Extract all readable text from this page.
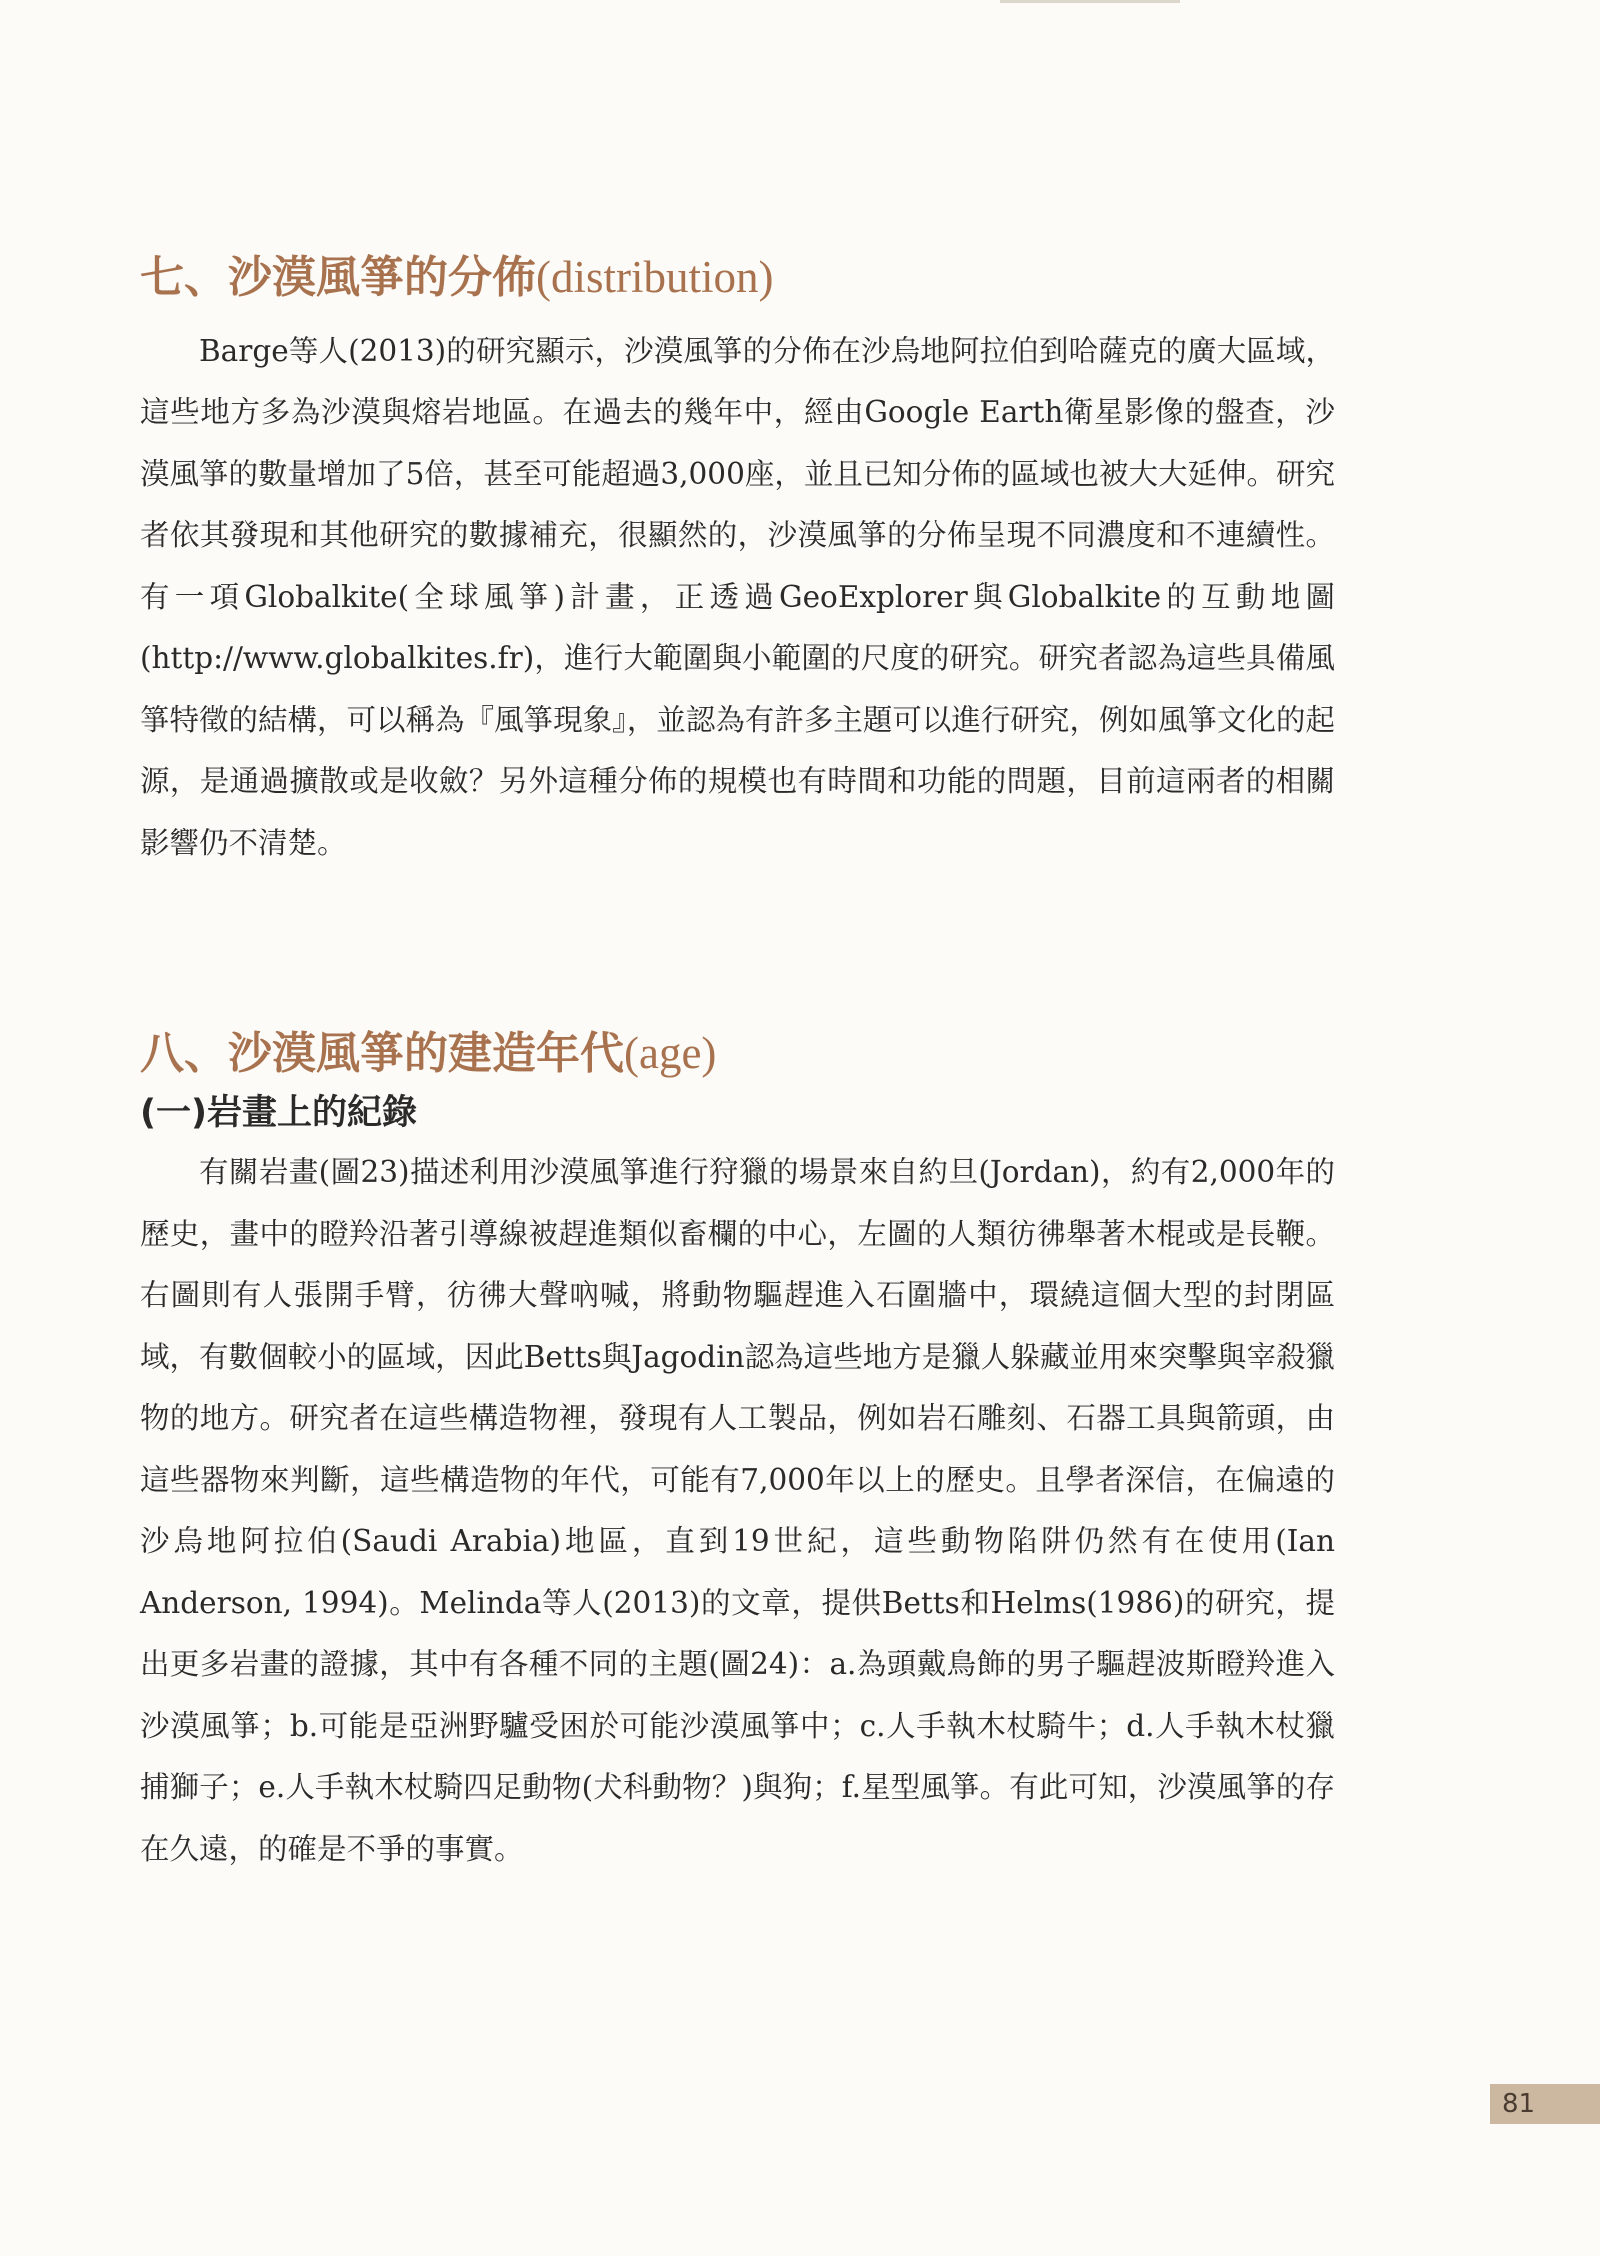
七、沙漠風箏的分佈(distribution)

Barge等人(2013)的研究顯示，沙漠風箏的分佈在沙烏地阿拉伯到哈薩克的廣大區域，這些地方多為沙漠與熔岩地區。在過去的幾年中，經由Google Earth衛星影像的盤查，沙漠風箏的數量增加了5倍，甚至可能超過3,000座，並且已知分佈的區域也被大大延伸。研究者依其發現和其他研究的數據補充，很顯然的，沙漠風箏的分佈呈現不同濃度和不連續性。有一項Globalkite(全球風箏)計畫，正透過GeoExplorer與Globalkite的互動地圖(http://www.globalkites.fr)，進行大範圍與小範圍的尺度的研究。研究者認為這些具備風箏特徵的結構，可以稱為『風箏現象』，並認為有許多主題可以進行研究，例如風箏文化的起源，是通過擴散或是收斂？另外這種分佈的規模也有時間和功能的問題，目前這兩者的相關影響仍不清楚。

八、沙漠風箏的建造年代(age)
(一)岩畫上的紀錄

有關岩畫(圖23)描述利用沙漠風箏進行狩獵的場景來自約旦(Jordan)，約有2,000年的歷史，畫中的瞪羚沿著引導線被趕進類似畜欄的中心，左圖的人類彷彿舉著木棍或是長鞭。右圖則有人張開手臂，彷彿大聲吶喊，將動物驅趕進入石圍牆中，環繞這個大型的封閉區域，有數個較小的區域，因此Betts與Jagodin認為這些地方是獵人躲藏並用來突擊與宰殺獵物的地方。研究者在這些構造物裡，發現有人工製品，例如岩石雕刻、石器工具與箭頭，由這些器物來判斷，這些構造物的年代，可能有7,000年以上的歷史。且學者深信，在偏遠的沙烏地阿拉伯(Saudi Arabia)地區，直到19世紀，這些動物陷阱仍然有在使用(Ian Anderson, 1994)。Melinda等人(2013)的文章，提供Betts和Helms(1986)的研究，提出更多岩畫的證據，其中有各種不同的主題(圖24)：a.為頭戴鳥飾的男子驅趕波斯瞪羚進入沙漠風箏；b.可能是亞洲野驢受困於可能沙漠風箏中；c.人手執木杖騎牛；d.人手執木杖獵捕獅子；e.人手執木杖騎四足動物(犬科動物？)與狗；f.星型風箏。有此可知，沙漠風箏的存在久遠，的確是不爭的事實。

81
